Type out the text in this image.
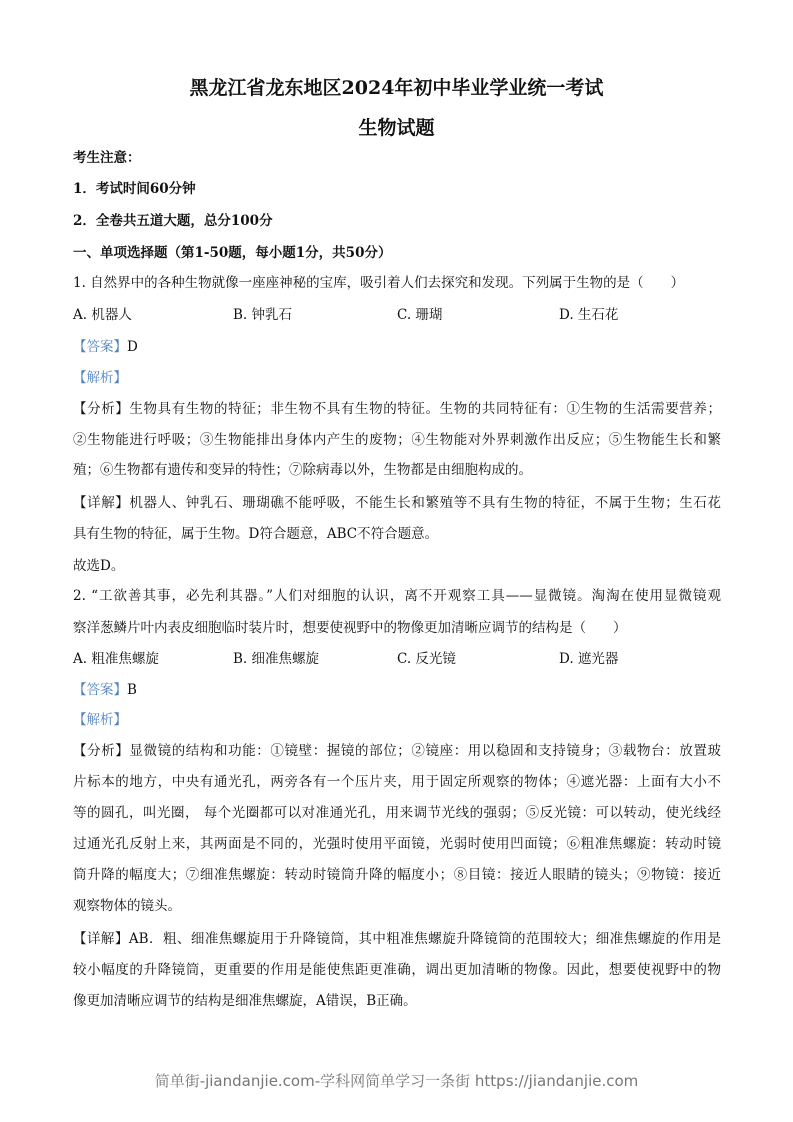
黑龙江省龙东地区2024年初中毕业学业统一考试
生物试题
考生注意：
1．考试时间60分钟
2．全卷共五道大题，总分100分
一、单项选择题（第1-50题，每小题1分，共50分）
1. 自然界中的各种生物就像一座座神秘的宝库，吸引着人们去探究和发现。下列属于生物的是（　　）
A. 机器人	B. 钟乳石	C. 珊瑚	D. 生石花
【答案】D
【解析】
【分析】生物具有生物的特征；非生物不具有生物的特征。生物的共同特征有：①生物的生活需要营养；
②生物能进行呼吸；③生物能排出身体内产生的废物；④生物能对外界刺激作出反应；⑤生物能生长和繁
殖；⑥生物都有遗传和变异的特性；⑦除病毒以外，生物都是由细胞构成的。
【详解】机器人、钟乳石、珊瑚礁不能呼吸，不能生长和繁殖等不具有生物的特征，不属于生物；生石花
具有生物的特征，属于生物。D符合题意，ABC不符合题意。
故选D。
2. “工欲善其事，必先利其器。”人们对细胞的认识，离不开观察工具——显微镜。淘淘在使用显微镜观
察洋葱鳞片叶内表皮细胞临时装片时，想要使视野中的物像更加清晰应调节的结构是（　　）
A. 粗准焦螺旋	B. 细准焦螺旋	C. 反光镜	D. 遮光器
【答案】B
【解析】
【分析】显微镜的结构和功能：①镜壁：握镜的部位；②镜座：用以稳固和支持镜身；③载物台：放置玻
片标本的地方，中央有通光孔，两旁各有一个压片夹，用于固定所观察的物体；④遮光器：上面有大小不
等的圆孔，叫光圈， 每个光圈都可以对准通光孔，用来调节光线的强弱；⑤反光镜：可以转动，使光线经
过通光孔反射上来，其两面是不同的，光强时使用平面镜，光弱时使用凹面镜；⑥粗准焦螺旋：转动时镜
筒升降的幅度大；⑦细准焦螺旋：转动时镜筒升降的幅度小；⑧目镜：接近人眼睛的镜头；⑨物镜：接近
观察物体的镜头。
【详解】AB．粗、细准焦螺旋用于升降镜筒，其中粗准焦螺旋升降镜筒的范围较大；细准焦螺旋的作用是
较小幅度的升降镜筒，更重要的作用是能使焦距更准确，调出更加清晰的物像。因此，想要使视野中的物
像更加清晰应调节的结构是细准焦螺旋，A错误，B正确。
简单街-jiandanjie.com-学科网简单学习一条街 https://jiandanjie.com
